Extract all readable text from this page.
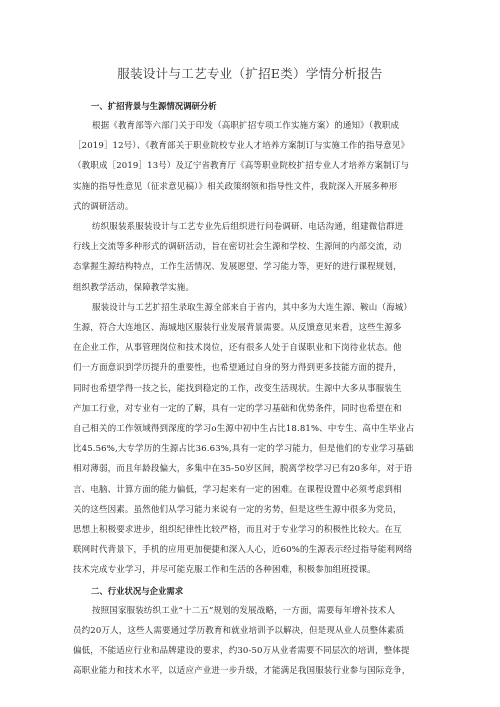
服装设计与工艺专业（扩招E类）学情分析报告
一、扩招背景与生源情况调研分析

根据《教育部等六部门关于印发（高职扩招专项工作实施方案）的通知》（教职成
［2019］12号）、《教育部关于职业院校专业人才培养方案制订与实施工作的指导意见》
（教职成［2019］13号）及辽宁省教育厅《高等职业院校扩招专业人才培养方案制订与
实施的指导性意见（征求意见稿）》相关政策纲领和指导性文件，我院深入开展多种形
式的调研活动。

纺织服装系服装设计与工艺专业先后组织进行问卷调研、电话沟通，组建微信群进
行线上交流等多种形式的调研活动，旨在密切社会生源和学校、生源间的内部交流，动
态掌握生源结构特点，工作生活情况、发展愿望、学习能力等，更好的进行课程规划，
组织教学活动，保障教学实施。

服装设计与工艺扩招生录取生源全部来自于省内，其中多为大连生源、鞍山（海城）
生源，符合大连地区、海城地区服装行业发展背景需要。从反馈意见来看，这些生源多
在企业工作，从事管理岗位和技术岗位，还有很多人处于自谋职业和下岗待业状态。他
们一方面意识到学历提升的重要性，也希望通过自身的努力得到更多技能方面的提升，
同时也希望学得一技之长，能找到稳定的工作，改变生活现状。生源中大多从事服装生
产加工行业，对专业有一定的了解，具有一定的学习基础和优势条件，同时也希望在和
自己相关的工作领域得到深度的学习o生源中初中生占比18.81%、中专生、高中生毕业占
比45.56%,大专学历的生源占比36.63%,具有一定的学习能力，但是他们的专业学习基础
相对薄弱，而且年龄段偏大，多集中在35-50岁区间，脱离学校学习已有20多年，对于语
言、电脑、计算方面的能力偏低，学习起来有一定的困难。在课程设置中必须考虑到相
关的这些因素。虽然他们从学习能力来说有一定的劣势，但是这些生源中很多为党员，
思想上积极要求进步，组织纪律性比较严格，而且对于专业学习的积极性比较大。在互
联网时代背景下，手机的应用更加便捷和深入人心，近60%的生源表示经过指导能利网络
技术完成专业学习，并尽可能克服工作和生活的各种困难，积极参加组班授课。

二、行业状况与企业需求

按照国家服装纺织工业“十二五”规划的发展战略，一方面，需要每年增补技术人
员约20万人，这些人需要通过学历教育和就业培训予以解决，但是现从业人员整体素质
偏低，不能适应行业和品牌建设的要求，约30-50万从业者需要不同层次的培训，整体提
高职业能力和技术水平，以适应产业进一步升级，才能满足我国服装行业参与国际竞争，
